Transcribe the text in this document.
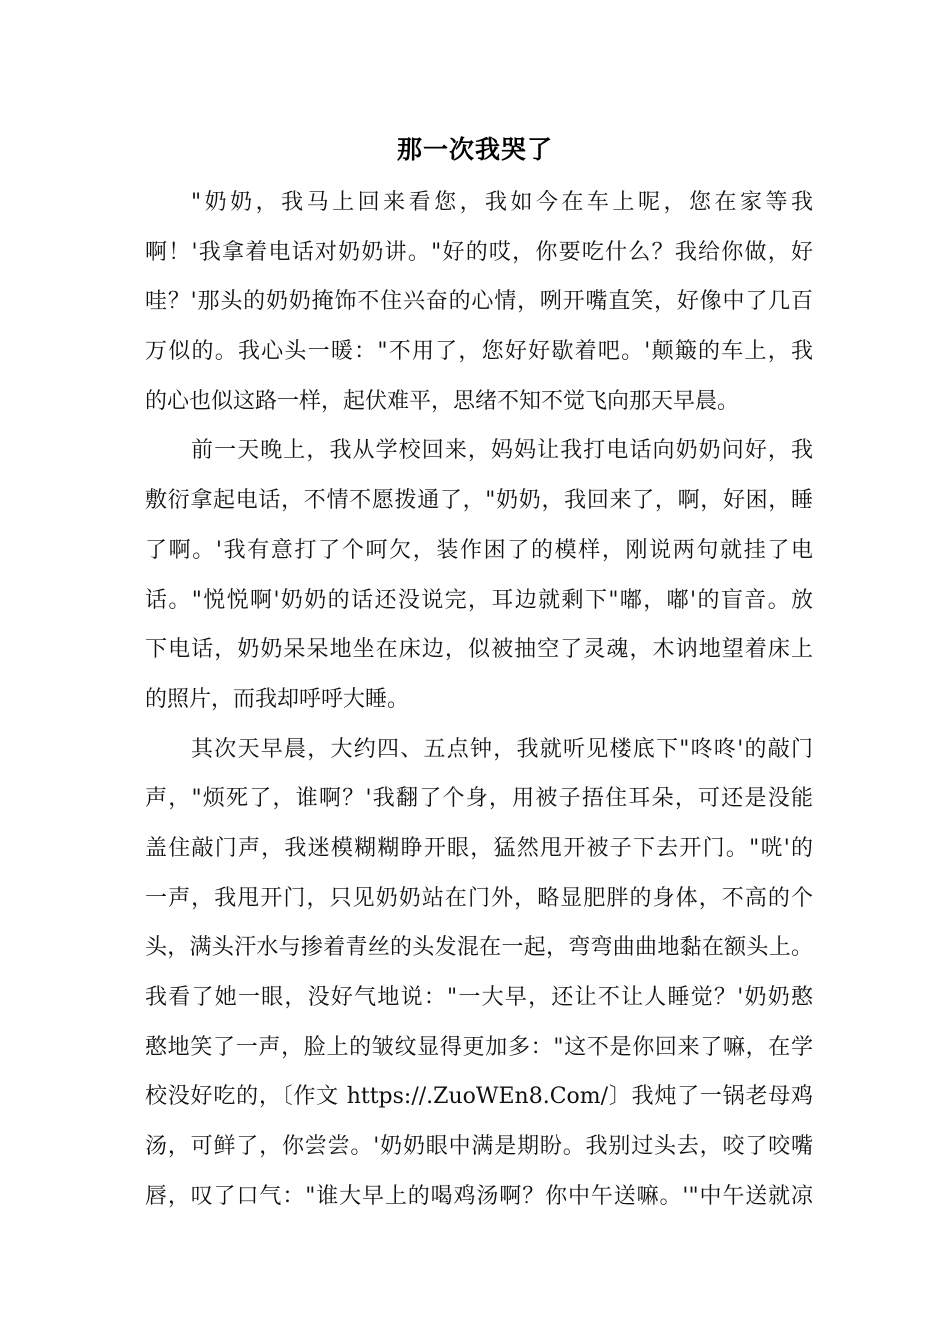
那一次我哭了
"奶奶，我马上回来看您，我如今在车上呢，您在家等我
啊！'我拿着电话对奶奶讲。"好的哎，你要吃什么？我给你做，好
哇？'那头的奶奶掩饰不住兴奋的心情，咧开嘴直笑，好像中了几百
万似的。我心头一暖："不用了，您好好歇着吧。'颠簸的车上，我
的心也似这路一样，起伏难平，思绪不知不觉飞向那天早晨。
前一天晚上，我从学校回来，妈妈让我打电话向奶奶问好，我
敷衍拿起电话，不情不愿拨通了，"奶奶，我回来了，啊，好困，睡
了啊。'我有意打了个呵欠，装作困了的模样，刚说两句就挂了电
话。"悦悦啊'奶奶的话还没说完，耳边就剩下"嘟，嘟'的盲音。放
下电话，奶奶呆呆地坐在床边，似被抽空了灵魂，木讷地望着床上
的照片，而我却呼呼大睡。
其次天早晨，大约四、五点钟，我就听见楼底下"咚咚'的敲门
声，"烦死了，谁啊？'我翻了个身，用被子捂住耳朵，可还是没能
盖住敲门声，我迷模糊糊睁开眼，猛然甩开被子下去开门。"咣'的
一声，我甩开门，只见奶奶站在门外，略显肥胖的身体，不高的个
头，满头汗水与掺着青丝的头发混在一起，弯弯曲曲地黏在额头上。
我看了她一眼，没好气地说："一大早，还让不让人睡觉？'奶奶憨
憨地笑了一声，脸上的皱纹显得更加多："这不是你回来了嘛，在学
校没好吃的，〔作文 https://.ZuoWEn8.Com/〕我炖了一锅老母鸡
汤，可鲜了，你尝尝。'奶奶眼中满是期盼。我别过头去，咬了咬嘴
唇，叹了口气："谁大早上的喝鸡汤啊？你中午送嘛。'"中午送就凉
